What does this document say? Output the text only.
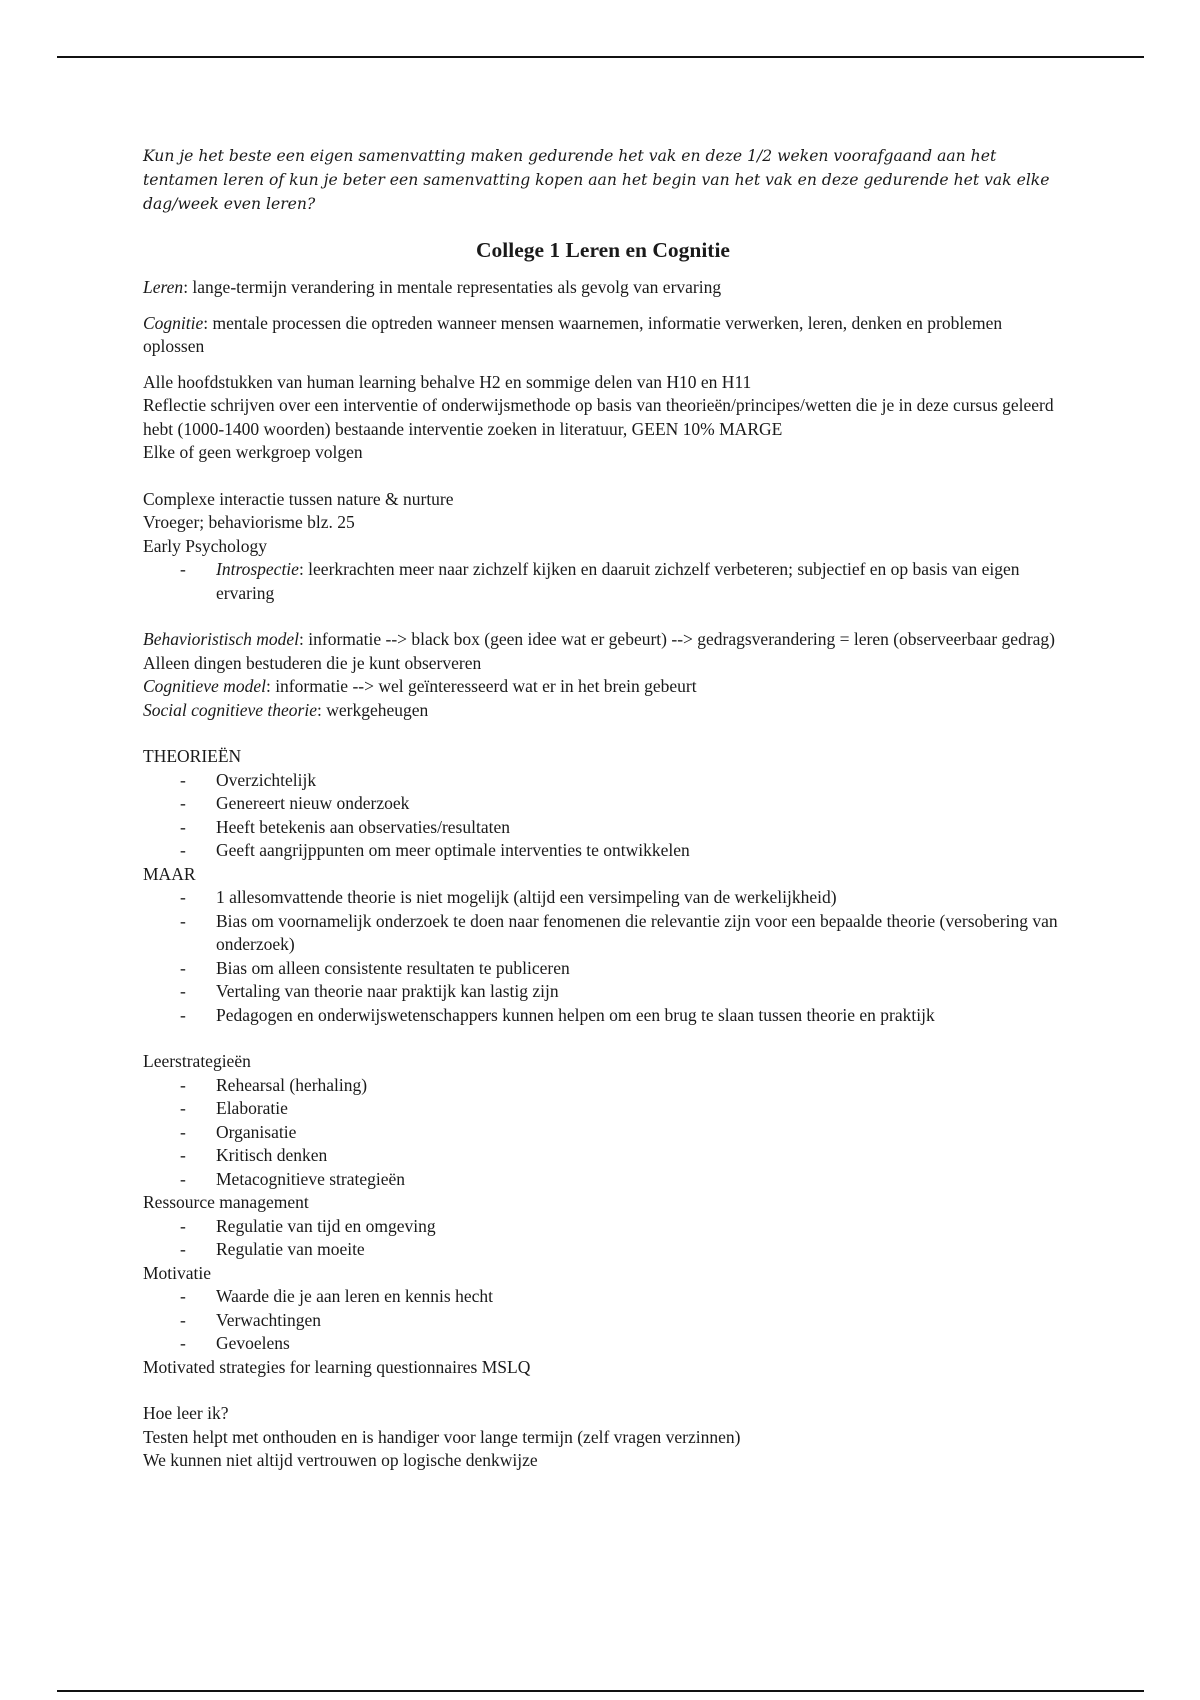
Kun je het beste een eigen samenvatting maken gedurende het vak en deze 1/2 weken voorafgaand aan het tentamen leren of kun je beter een samenvatting kopen aan het begin van het vak en deze gedurende het vak elke dag/week even leren?

College 1 Leren en Cognitie

Leren: lange-termijn verandering in mentale representaties als gevolg van ervaring

Cognitie: mentale processen die optreden wanneer mensen waarnemen, informatie verwerken, leren, denken en problemen oplossen

Alle hoofdstukken van human learning behalve H2 en sommige delen van H10 en H11

Reflectie schrijven over een interventie of onderwijsmethode op basis van theorieën/principes/wetten die je in deze cursus geleerd hebt (1000-1400 woorden) bestaande interventie zoeken in literatuur, GEEN 10% MARGE

Elke of geen werkgroep volgen

Complexe interactie tussen nature & nurture

Vroeger; behaviorisme blz. 25

Early Psychology

- Introspectie: leerkrachten meer naar zichzelf kijken en daaruit zichzelf verbeteren; subjectief en op basis van eigen ervaring

Behavioristisch model: informatie --> black box (geen idee wat er gebeurt) --> gedragsverandering = leren (observeerbaar gedrag) Alleen dingen bestuderen die je kunt observeren

Cognitieve model: informatie --> wel geïnteresseerd wat er in het brein gebeurt

Social cognitieve theorie: werkgeheugen

THEORIEËN

- Overzichtelijk
- Genereert nieuw onderzoek
- Heeft betekenis aan observaties/resultaten
- Geeft aangrijppunten om meer optimale interventies te ontwikkelen

MAAR

- 1 allesomvattende theorie is niet mogelijk (altijd een versimpeling van de werkelijkheid)
- Bias om voornamelijk onderzoek te doen naar fenomenen die relevantie zijn voor een bepaalde theorie (versobering van onderzoek)
- Bias om alleen consistente resultaten te publiceren
- Vertaling van theorie naar praktijk kan lastig zijn
- Pedagogen en onderwijswetenschappers kunnen helpen om een brug te slaan tussen theorie en praktijk

Leerstrategieën

- Rehearsal (herhaling)
- Elaboratie
- Organisatie
- Kritisch denken
- Metacognitieve strategieën

Ressource management

- Regulatie van tijd en omgeving
- Regulatie van moeite

Motivatie

- Waarde die je aan leren en kennis hecht
- Verwachtingen
- Gevoelens

Motivated strategies for learning questionnaires MSLQ

Hoe leer ik?

Testen helpt met onthouden en is handiger voor lange termijn (zelf vragen verzinnen)

We kunnen niet altijd vertrouwen op logische denkwijze
